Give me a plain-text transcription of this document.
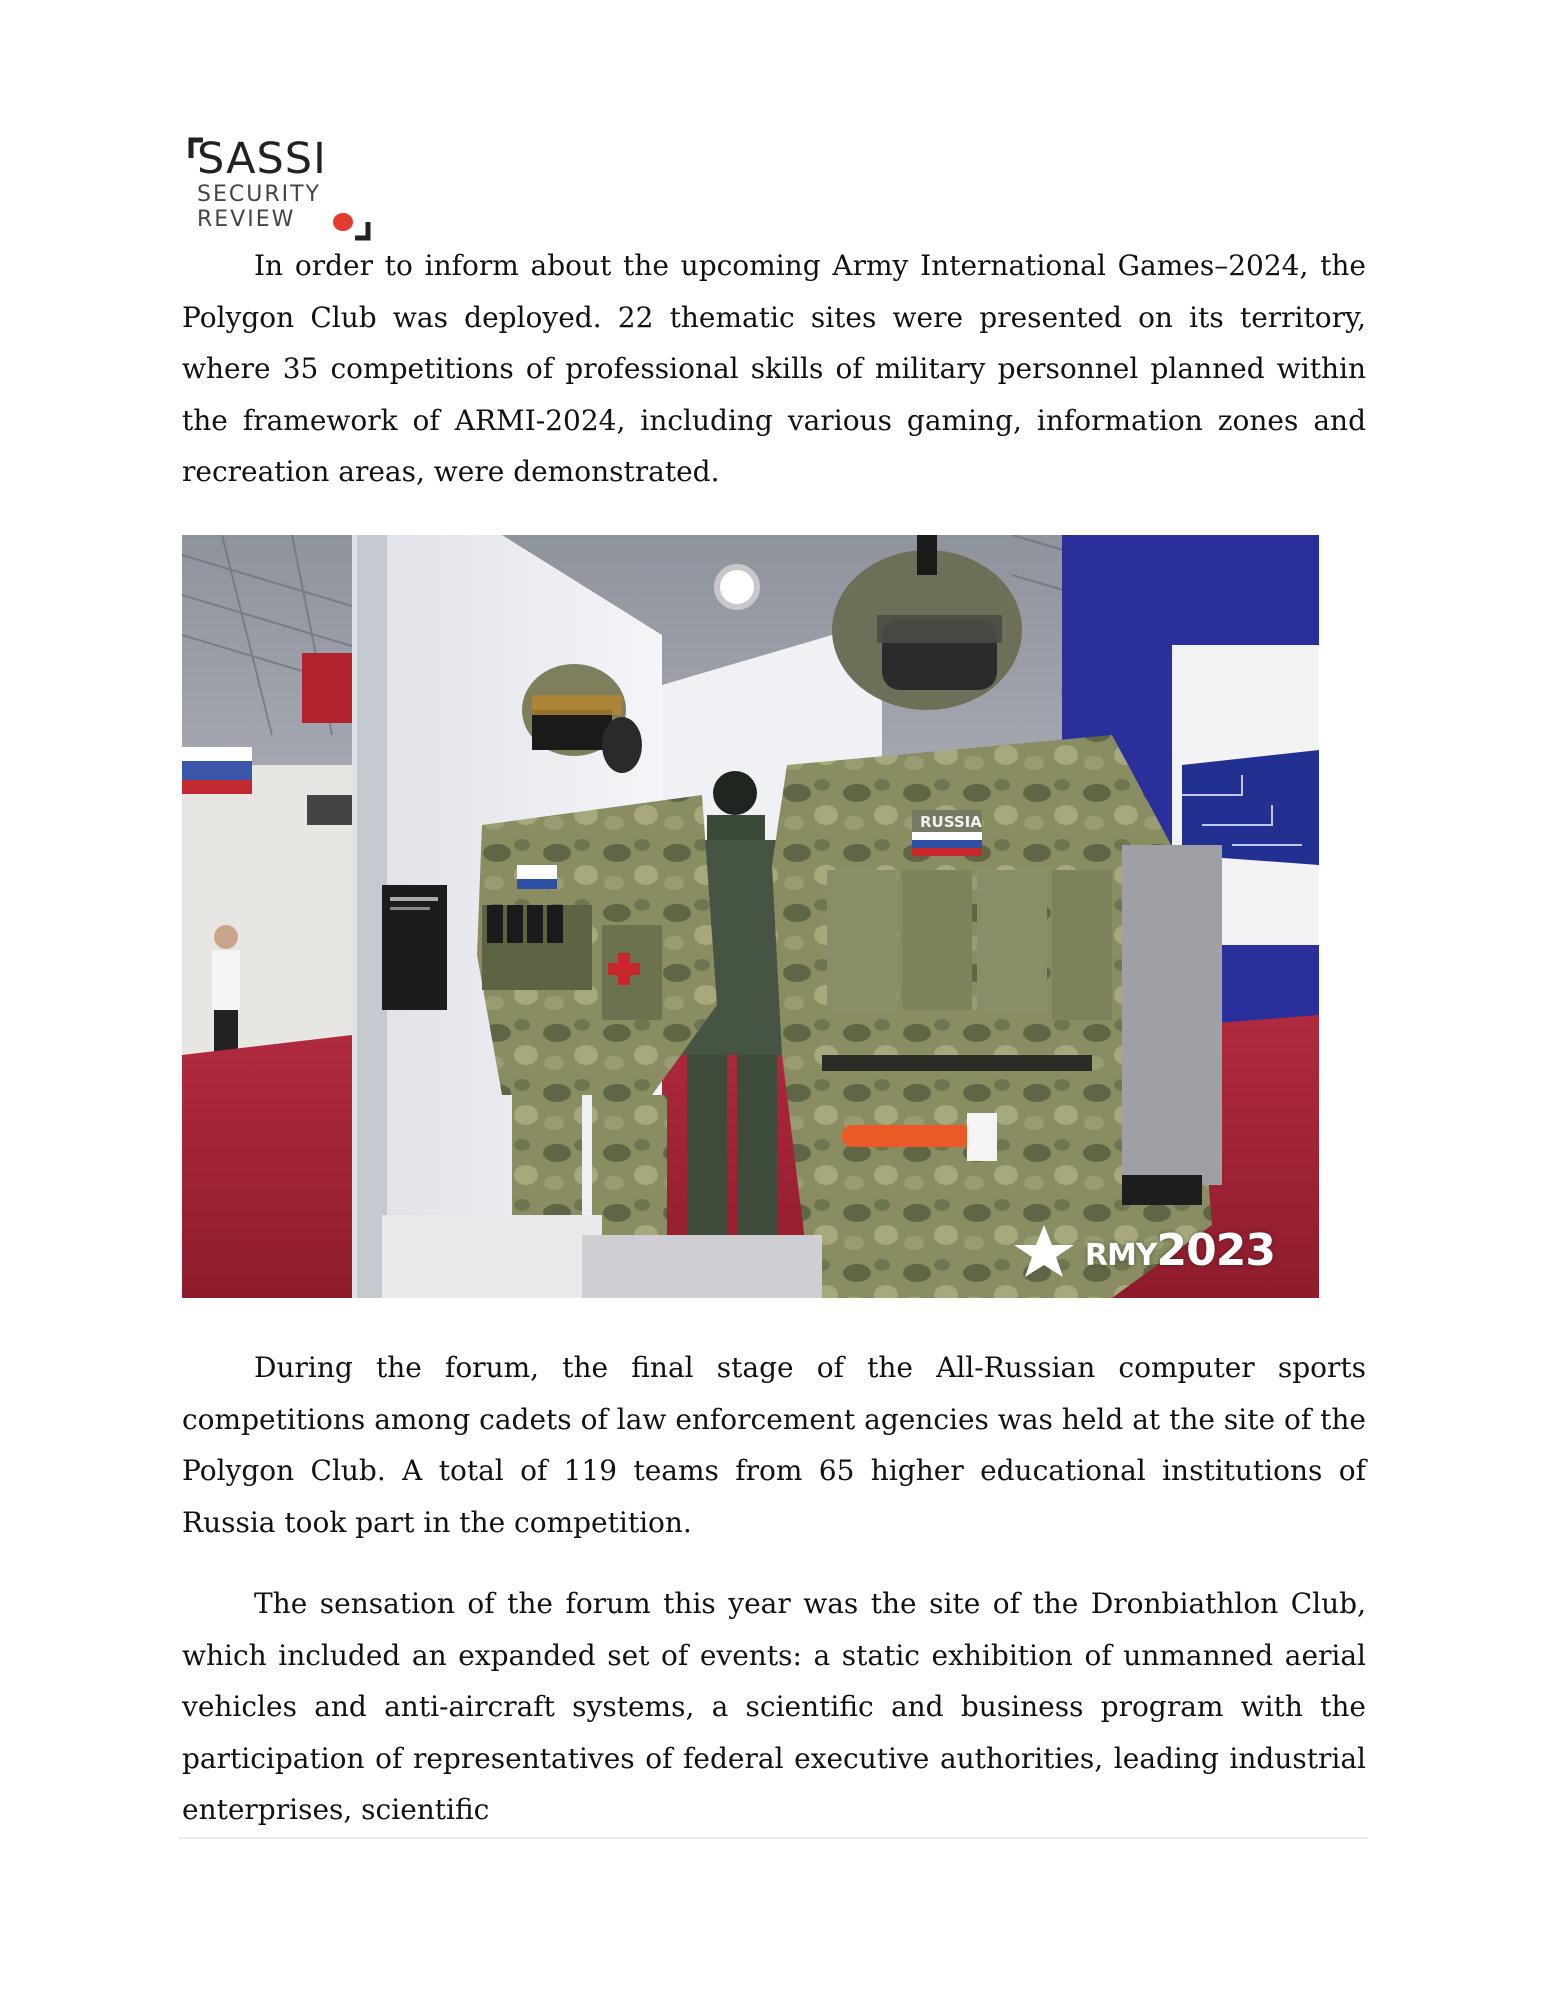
SASSI
SECURITY
REVIEW

In order to inform about the upcoming Army International Games–2024, the Polygon Club was deployed. 22 thematic sites were presented on its territory, where 35 competitions of professional skills of military personnel planned within the framework of ARMI-2024, including various gaming, information zones and recreation areas, were demonstrated.

RUSSIA
RMY2023

During the forum, the final stage of the All-Russian computer sports competitions among cadets of law enforcement agencies was held at the site of the Polygon Club. A total of 119 teams from 65 higher educational institutions of Russia took part in the competition.

The sensation of the forum this year was the site of the Dronbiathlon Club, which included an expanded set of events: a static exhibition of unmanned aerial vehicles and anti-aircraft systems, a scientific and business program with the participation of representatives of federal executive authorities, leading industrial enterprises, scientific
